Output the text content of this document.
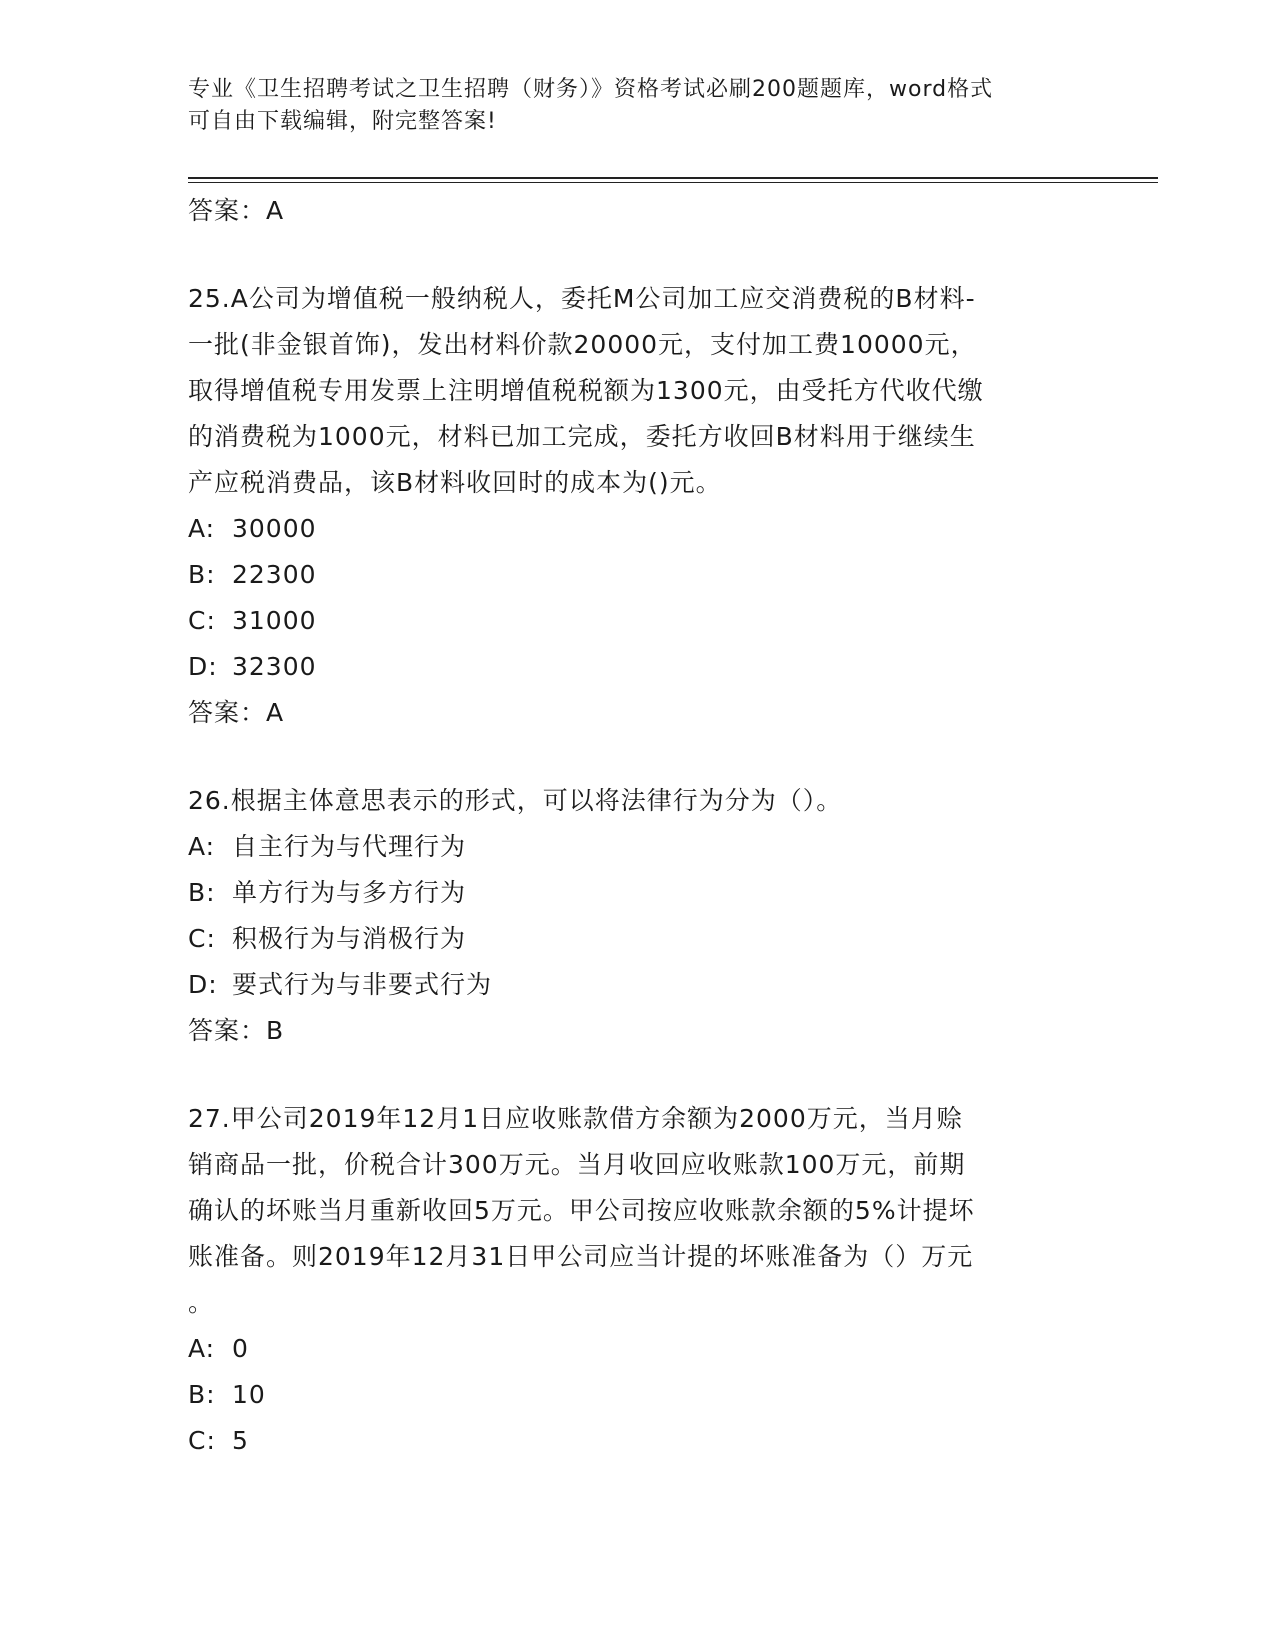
专业《卫生招聘考试之卫生招聘（财务）》资格考试必刷200题题库，word格式
可自由下载编辑，附完整答案!
答案：A
25.A公司为增值税一般纳税人，委托M公司加工应交消费税的B材料-
一批(非金银首饰)，发出材料价款20000元，支付加工费10000元，
取得增值税专用发票上注明增值税税额为1300元，由受托方代收代缴
的消费税为1000元，材料已加工完成，委托方收回B材料用于继续生
产应税消费品，该B材料收回时的成本为()元。
A: 30000
B: 22300
C: 31000
D: 32300
答案：A
26.根据主体意思表示的形式，可以将法律行为分为（）。
A: 自主行为与代理行为
B: 单方行为与多方行为
C: 积极行为与消极行为
D: 要式行为与非要式行为
答案：B
27.甲公司2019年12月1日应收账款借方余额为2000万元，当月赊
销商品一批，价税合计300万元。当月收回应收账款100万元，前期
确认的坏账当月重新收回5万元。甲公司按应收账款余额的5%计提坏
账准备。则2019年12月31日甲公司应当计提的坏账准备为（）万元
。
A: 0
B: 10
C: 5
